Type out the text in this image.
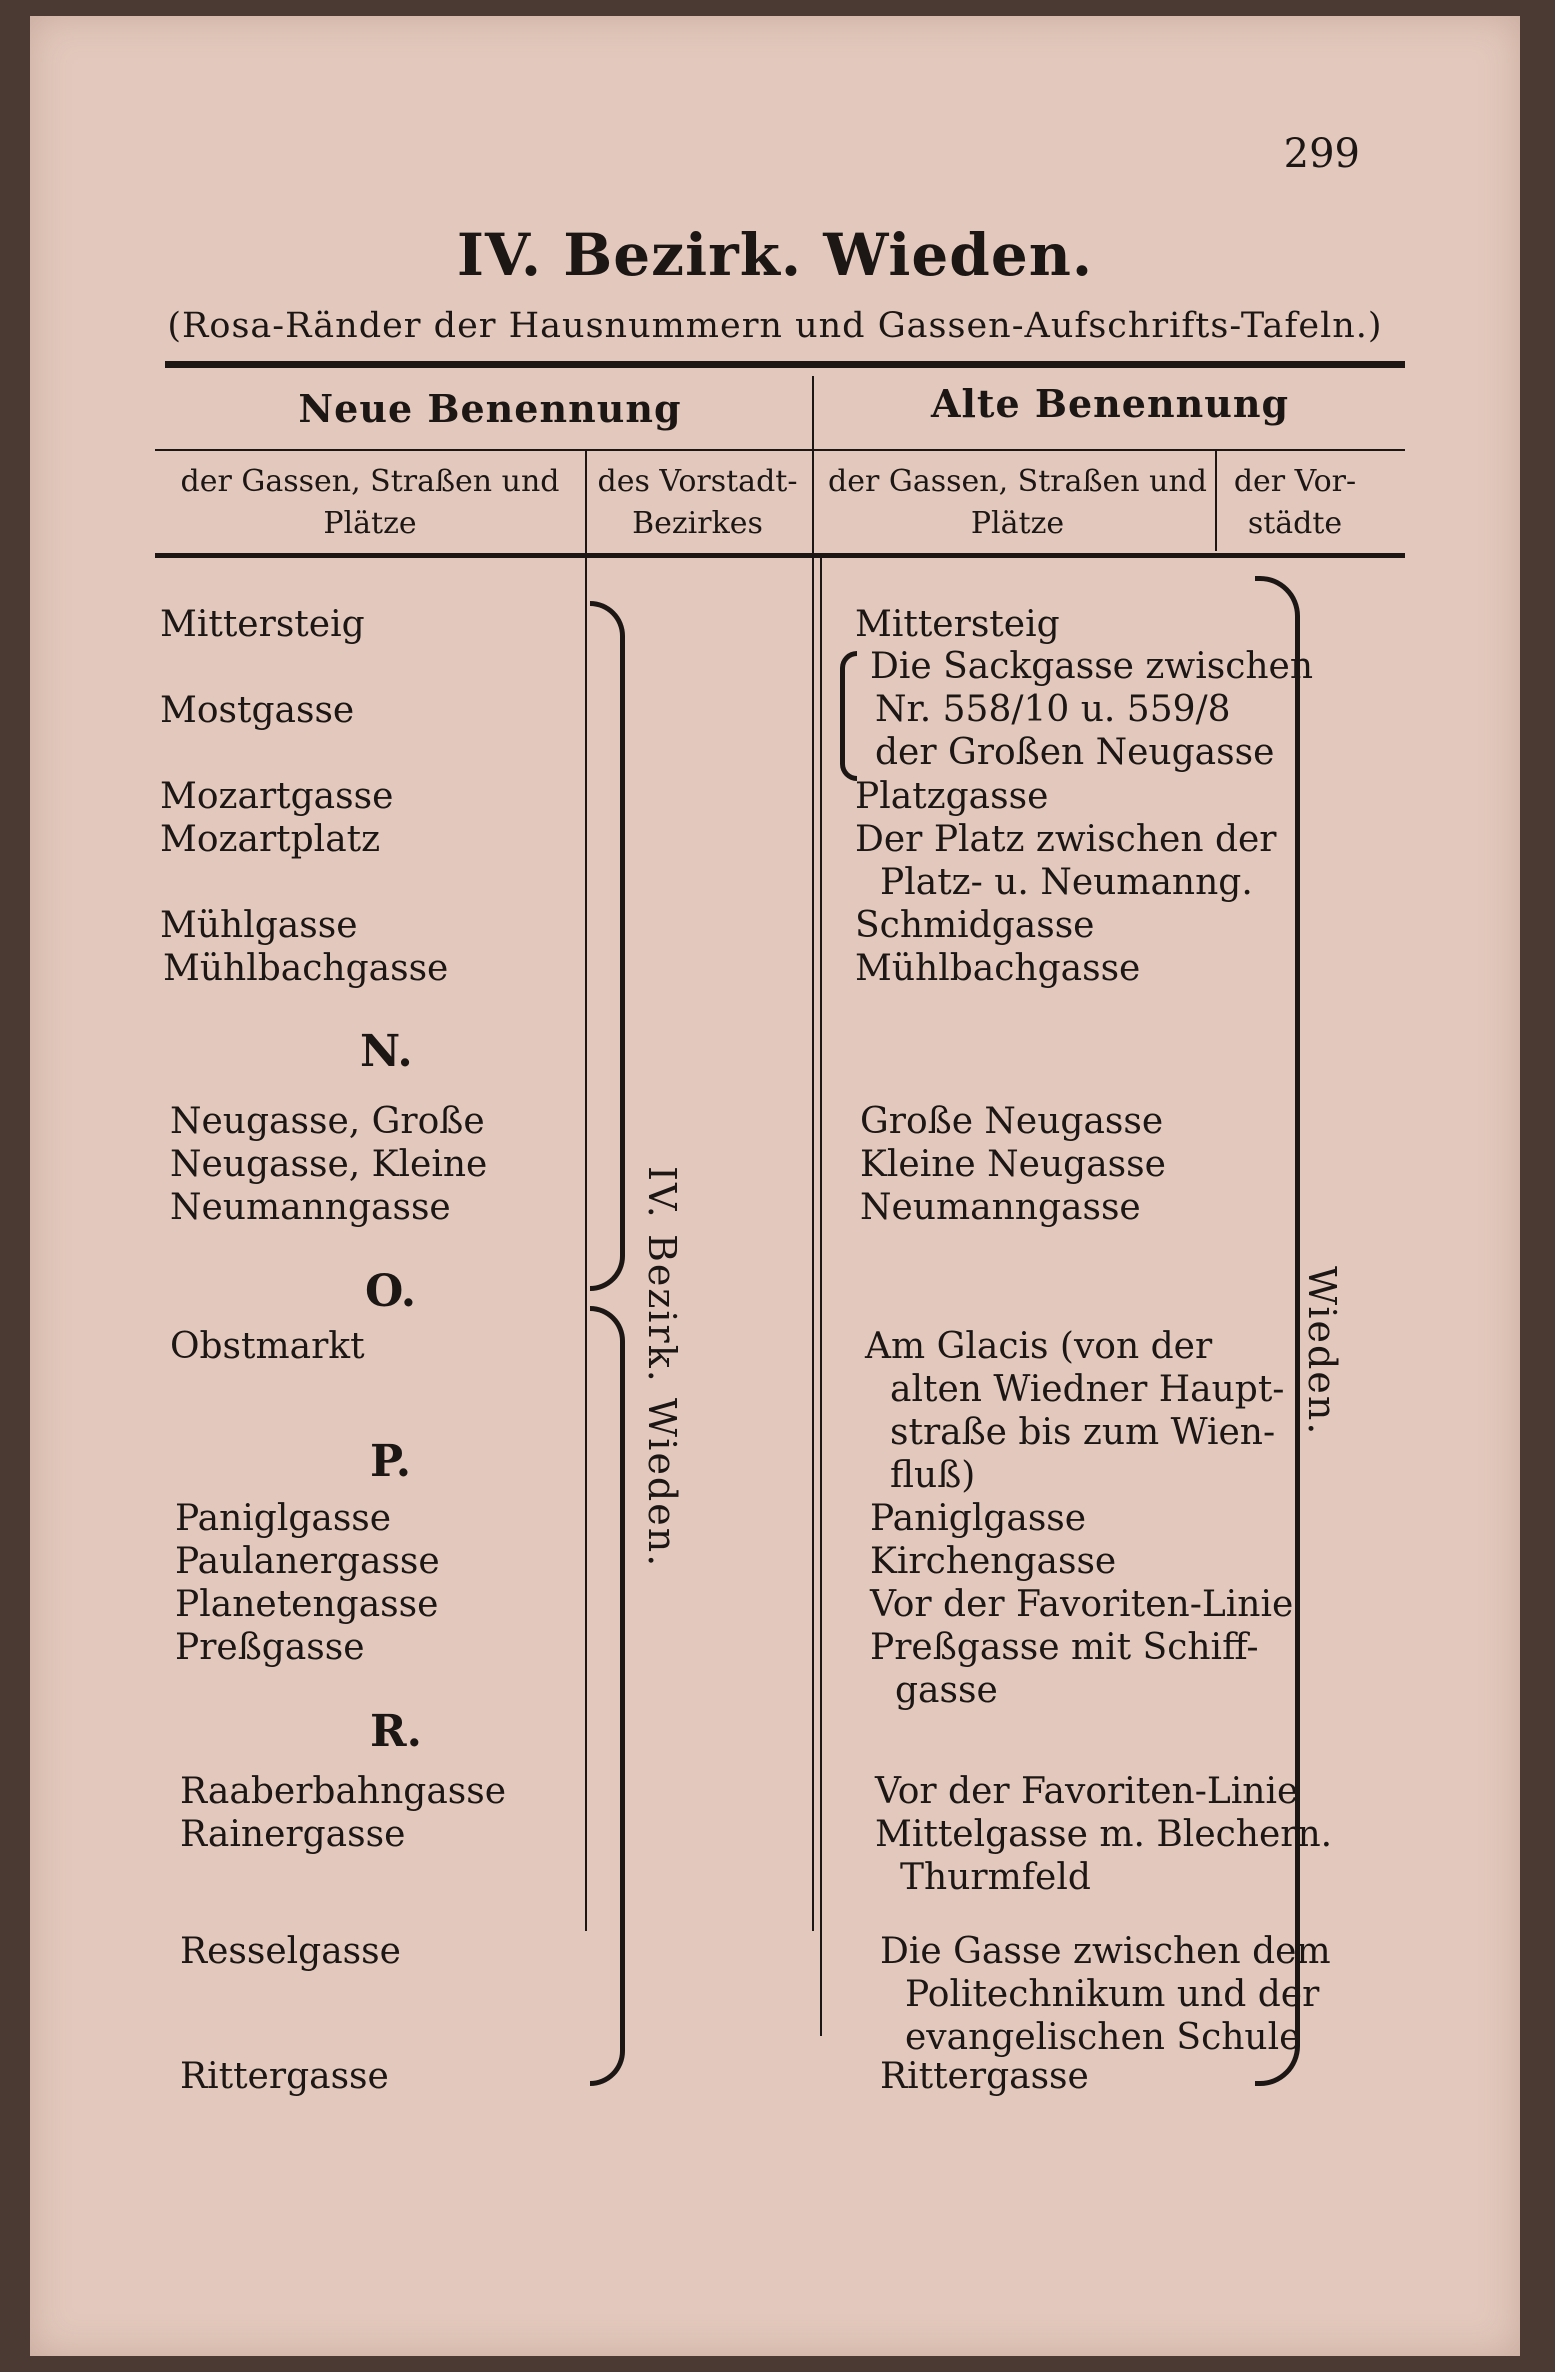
299
IV. Bezirk. Wieden.
(Rosa-Ränder der Hausnummern und Gassen-Aufschrifts-Tafeln.)
Neue Benennung	Alte Benennung
der Gassen, Straßen und Plätze
des Vorstadt-Bezirkes
der Gassen, Straßen und Plätze
der Vor-städte
IV. Bezirk. Wieden.	Wieden.
N.
O.
P.
R.
Mittersteig
Mostgasse
Mozartgasse
Mozartplatz
Mühlgasse
Mühlbachgasse
Neugasse, Große
Neugasse, Kleine
Neumanngasse
Obstmarkt
Paniglgasse
Paulanergasse
Planetengasse
Preßgasse
Raaberbahngasse
Rainergasse
Resselgasse
Rittergasse
Mittersteig
Die Sackgasse zwischen
Nr. 558/10 u. 559/8
der Großen Neugasse
Platzgasse
Der Platz zwischen der
Platz- u. Neumanng.
Schmidgasse
Mühlbachgasse
Große Neugasse
Kleine Neugasse
Neumanngasse
Am Glacis (von der
alten Wiedner Haupt-
straße bis zum Wien-
fluß)
Paniglgasse
Kirchengasse
Vor der Favoriten-Linie
Preßgasse mit Schiff-
gasse
Vor der Favoriten-Linie
Mittelgasse m. Blechern.
Thurmfeld
Die Gasse zwischen dem
Politechnikum und der
evangelischen Schule
Rittergasse
